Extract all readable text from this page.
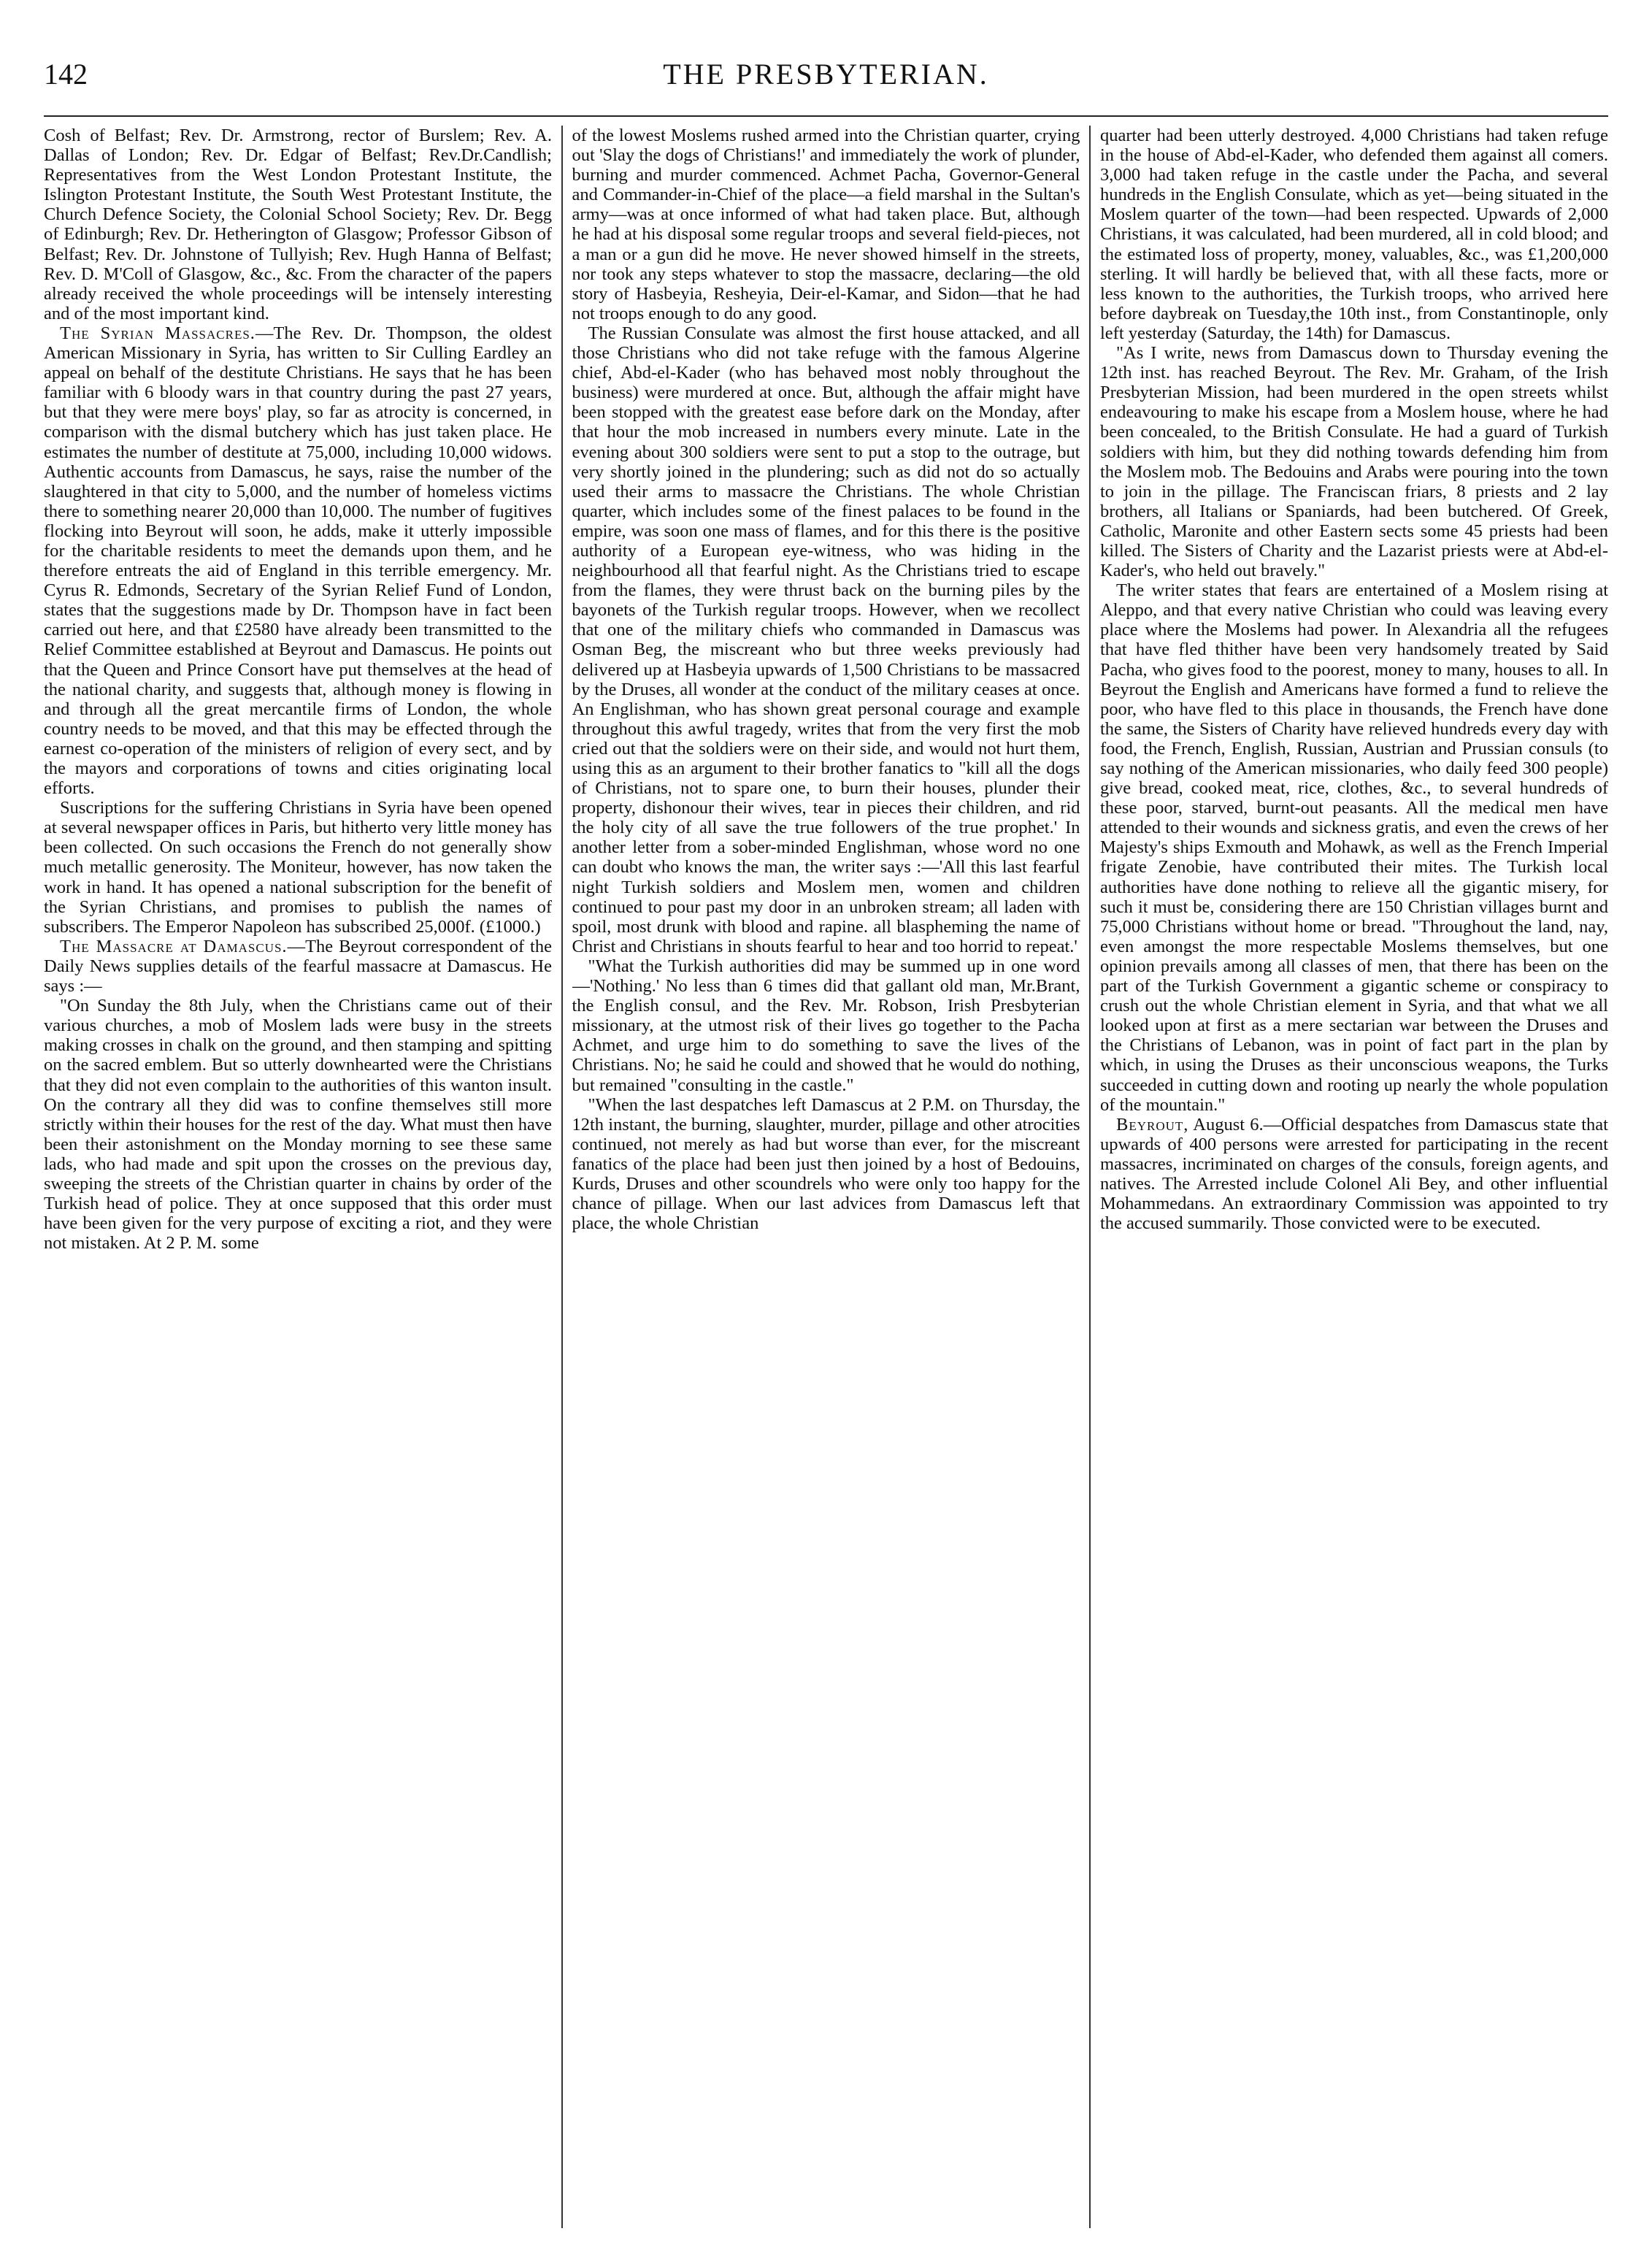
142	THE PRESBYTERIAN.

Cosh of Belfast; Rev. Dr. Armstrong, rector of Burslem; Rev. A. Dallas of London; Rev. Dr. Edgar of Belfast; Rev.Dr.Candlish; Representatives from the West London Protestant Institute, the Islington Protestant Institute, the South West Protestant Institute, the Church Defence Society, the Colonial School Society; Rev. Dr. Begg of Edinburgh; Rev. Dr. Hetherington of Glasgow; Professor Gibson of Belfast; Rev. Dr. Johnstone of Tullyish; Rev. Hugh Hanna of Belfast; Rev. D. M'Coll of Glasgow, &c., &c. From the character of the papers already received the whole proceedings will be intensely interesting and of the most important kind.

The Syrian Massacres.—The Rev. Dr. Thompson, the oldest American Missionary in Syria, has written to Sir Culling Eardley an appeal on behalf of the destitute Christians. He says that he has been familiar with 6 bloody wars in that country during the past 27 years, but that they were mere boys' play, so far as atrocity is concerned, in comparison with the dismal butchery which has just taken place. He estimates the number of destitute at 75,000, including 10,000 widows. Authentic accounts from Damascus, he says, raise the number of the slaughtered in that city to 5,000, and the number of homeless victims there to something nearer 20,000 than 10,000. The number of fugitives flocking into Beyrout will soon, he adds, make it utterly impossible for the charitable residents to meet the demands upon them, and he therefore entreats the aid of England in this terrible emergency. Mr. Cyrus R. Edmonds, Secretary of the Syrian Relief Fund of London, states that the suggestions made by Dr. Thompson have in fact been carried out here, and that £2580 have already been transmitted to the Relief Committee established at Beyrout and Damascus. He points out that the Queen and Prince Consort have put themselves at the head of the national charity, and suggests that, although money is flowing in and through all the great mercantile firms of London, the whole country needs to be moved, and that this may be effected through the earnest co-operation of the ministers of religion of every sect, and by the mayors and corporations of towns and cities originating local efforts.

Suscriptions for the suffering Christians in Syria have been opened at several newspaper offices in Paris, but hitherto very little money has been collected. On such occasions the French do not generally show much metallic generosity. The Moniteur, however, has now taken the work in hand. It has opened a national subscription for the benefit of the Syrian Christians, and promises to publish the names of subscribers. The Emperor Napoleon has subscribed 25,000f. (£1000.)

The Massacre at Damascus.—The Beyrout correspondent of the Daily News supplies details of the fearful massacre at Damascus. He says :—

"On Sunday the 8th July, when the Christians came out of their various churches, a mob of Moslem lads were busy in the streets making crosses in chalk on the ground, and then stamping and spitting on the sacred emblem. But so utterly downhearted were the Christians that they did not even complain to the authorities of this wanton insult. On the contrary all they did was to confine themselves still more strictly within their houses for the rest of the day. What must then have been their astonishment on the Monday morning to see these same lads, who had made and spit upon the crosses on the previous day, sweeping the streets of the Christian quarter in chains by order of the Turkish head of police. They at once supposed that this order must have been given for the very purpose of exciting a riot, and they were not mistaken. At 2 P. M. some

of the lowest Moslems rushed armed into the Christian quarter, crying out 'Slay the dogs of Christians!' and immediately the work of plunder, burning and murder commenced. Achmet Pacha, Governor-General and Commander-in-Chief of the place—a field marshal in the Sultan's army—was at once informed of what had taken place. But, although he had at his disposal some regular troops and several field-pieces, not a man or a gun did he move. He never showed himself in the streets, nor took any steps whatever to stop the massacre, declaring—the old story of Hasbeyia, Resheyia, Deir-el-Kamar, and Sidon—that he had not troops enough to do any good.

The Russian Consulate was almost the first house attacked, and all those Christians who did not take refuge with the famous Algerine chief, Abd-el-Kader (who has behaved most nobly throughout the business) were murdered at once. But, although the affair might have been stopped with the greatest ease before dark on the Monday, after that hour the mob increased in numbers every minute. Late in the evening about 300 soldiers were sent to put a stop to the outrage, but very shortly joined in the plundering; such as did not do so actually used their arms to massacre the Christians. The whole Christian quarter, which includes some of the finest palaces to be found in the empire, was soon one mass of flames, and for this there is the positive authority of a European eye-witness, who was hiding in the neighbourhood all that fearful night. As the Christians tried to escape from the flames, they were thrust back on the burning piles by the bayonets of the Turkish regular troops. However, when we recollect that one of the military chiefs who commanded in Damascus was Osman Beg, the miscreant who but three weeks previously had delivered up at Hasbeyia upwards of 1,500 Christians to be massacred by the Druses, all wonder at the conduct of the military ceases at once. An Englishman, who has shown great personal courage and example throughout this awful tragedy, writes that from the very first the mob cried out that the soldiers were on their side, and would not hurt them, using this as an argument to their brother fanatics to "kill all the dogs of Christians, not to spare one, to burn their houses, plunder their property, dishonour their wives, tear in pieces their children, and rid the holy city of all save the true followers of the true prophet.' In another letter from a sober-minded Englishman, whose word no one can doubt who knows the man, the writer says :—'All this last fearful night Turkish soldiers and Moslem men, women and children continued to pour past my door in an unbroken stream; all laden with spoil, most drunk with blood and rapine. all blaspheming the name of Christ and Christians in shouts fearful to hear and too horrid to repeat.'

"What the Turkish authorities did may be summed up in one word—'Nothing.' No less than 6 times did that gallant old man, Mr.Brant, the English consul, and the Rev. Mr. Robson, Irish Presbyterian missionary, at the utmost risk of their lives go together to the Pacha Achmet, and urge him to do something to save the lives of the Christians. No; he said he could and showed that he would do nothing, but remained "consulting in the castle."

"When the last despatches left Damascus at 2 P.M. on Thursday, the 12th instant, the burning, slaughter, murder, pillage and other atrocities continued, not merely as had but worse than ever, for the miscreant fanatics of the place had been just then joined by a host of Bedouins, Kurds, Druses and other scoundrels who were only too happy for the chance of pillage. When our last advices from Damascus left that place, the whole Christian

quarter had been utterly destroyed. 4,000 Christians had taken refuge in the house of Abd-el-Kader, who defended them against all comers. 3,000 had taken refuge in the castle under the Pacha, and several hundreds in the English Consulate, which as yet—being situated in the Moslem quarter of the town—had been respected. Upwards of 2,000 Christians, it was calculated, had been murdered, all in cold blood; and the estimated loss of property, money, valuables, &c., was £1,200,000 sterling. It will hardly be believed that, with all these facts, more or less known to the authorities, the Turkish troops, who arrived here before daybreak on Tuesday,the 10th inst., from Constantinople, only left yesterday (Saturday, the 14th) for Damascus.

"As I write, news from Damascus down to Thursday evening the 12th inst. has reached Beyrout. The Rev. Mr. Graham, of the Irish Presbyterian Mission, had been murdered in the open streets whilst endeavouring to make his escape from a Moslem house, where he had been concealed, to the British Consulate. He had a guard of Turkish soldiers with him, but they did nothing towards defending him from the Moslem mob. The Bedouins and Arabs were pouring into the town to join in the pillage. The Franciscan friars, 8 priests and 2 lay brothers, all Italians or Spaniards, had been butchered. Of Greek, Catholic, Maronite and other Eastern sects some 45 priests had been killed. The Sisters of Charity and the Lazarist priests were at Abd-el-Kader's, who held out bravely."

The writer states that fears are entertained of a Moslem rising at Aleppo, and that every native Christian who could was leaving every place where the Moslems had power. In Alexandria all the refugees that have fled thither have been very handsomely treated by Said Pacha, who gives food to the poorest, money to many, houses to all. In Beyrout the English and Americans have formed a fund to relieve the poor, who have fled to this place in thousands, the French have done the same, the Sisters of Charity have relieved hundreds every day with food, the French, English, Russian, Austrian and Prussian consuls (to say nothing of the American missionaries, who daily feed 300 people) give bread, cooked meat, rice, clothes, &c., to several hundreds of these poor, starved, burnt-out peasants. All the medical men have attended to their wounds and sickness gratis, and even the crews of her Majesty's ships Exmouth and Mohawk, as well as the French Imperial frigate Zenobie, have contributed their mites. The Turkish local authorities have done nothing to relieve all the gigantic misery, for such it must be, considering there are 150 Christian villages burnt and 75,000 Christians without home or bread. "Throughout the land, nay, even amongst the more respectable Moslems themselves, but one opinion prevails among all classes of men, that there has been on the part of the Turkish Government a gigantic scheme or conspiracy to crush out the whole Christian element in Syria, and that what we all looked upon at first as a mere sectarian war between the Druses and the Christians of Lebanon, was in point of fact part in the plan by which, in using the Druses as their unconscious weapons, the Turks succeeded in cutting down and rooting up nearly the whole population of the mountain."

Beyrout, August 6.—Official despatches from Damascus state that upwards of 400 persons were arrested for participating in the recent massacres, incriminated on charges of the consuls, foreign agents, and natives. The Arrested include Colonel Ali Bey, and other influential Mohammedans. An extraordinary Commission was appointed to try the accused summarily. Those convicted were to be executed.
